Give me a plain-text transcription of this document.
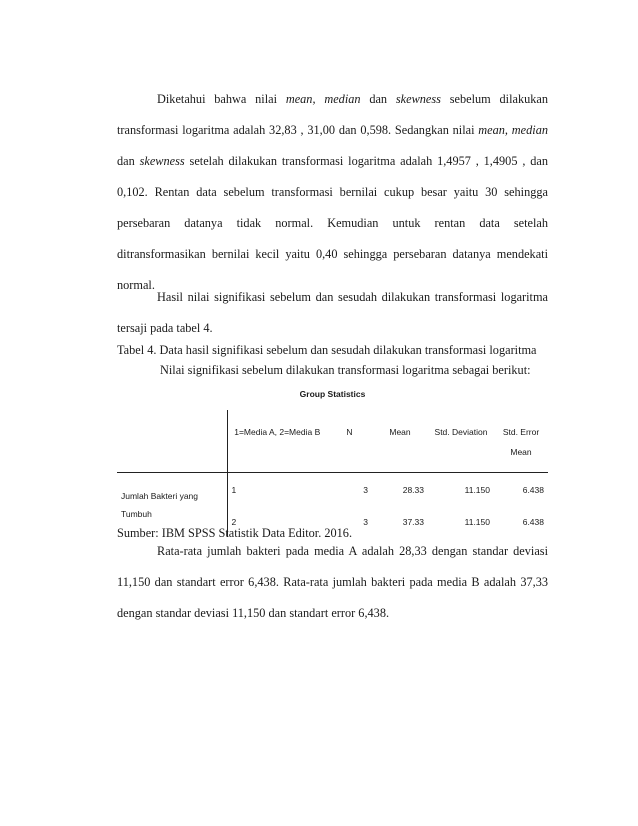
Diketahui bahwa nilai mean, median dan skewness sebelum dilakukan transformasi logaritma adalah 32,83 , 31,00 dan 0,598. Sedangkan nilai mean, median dan skewness setelah dilakukan transformasi logaritma adalah 1,4957 , 1,4905 , dan 0,102. Rentan data sebelum transformasi bernilai cukup besar yaitu 30 sehingga persebaran datanya tidak normal. Kemudian untuk rentan data setelah ditransformasikan bernilai kecil yaitu 0,40 sehingga persebaran datanya mendekati normal.

Hasil nilai signifikasi sebelum dan sesudah dilakukan transformasi logaritma tersaji pada tabel 4.

Tabel 4. Data hasil signifikasi sebelum dan sesudah dilakukan transformasi logaritma
Nilai signifikasi sebelum dilakukan transformasi logaritma sebagai berikut:

Group Statistics

	1=Media A, 2=Media B	N	Mean	Std. Deviation	Std. Error Mean
Jumlah Bakteri yang Tumbuh	1	3	28.33	11.150	6.438
	2	3	37.33	11.150	6.438

Sumber: IBM SPSS Statistik Data Editor. 2016.

Rata-rata jumlah bakteri pada media A adalah 28,33 dengan standar deviasi 11,150 dan standart error 6,438. Rata-rata jumlah bakteri pada media B adalah 37,33 dengan standar deviasi 11,150 dan standart error 6,438.
